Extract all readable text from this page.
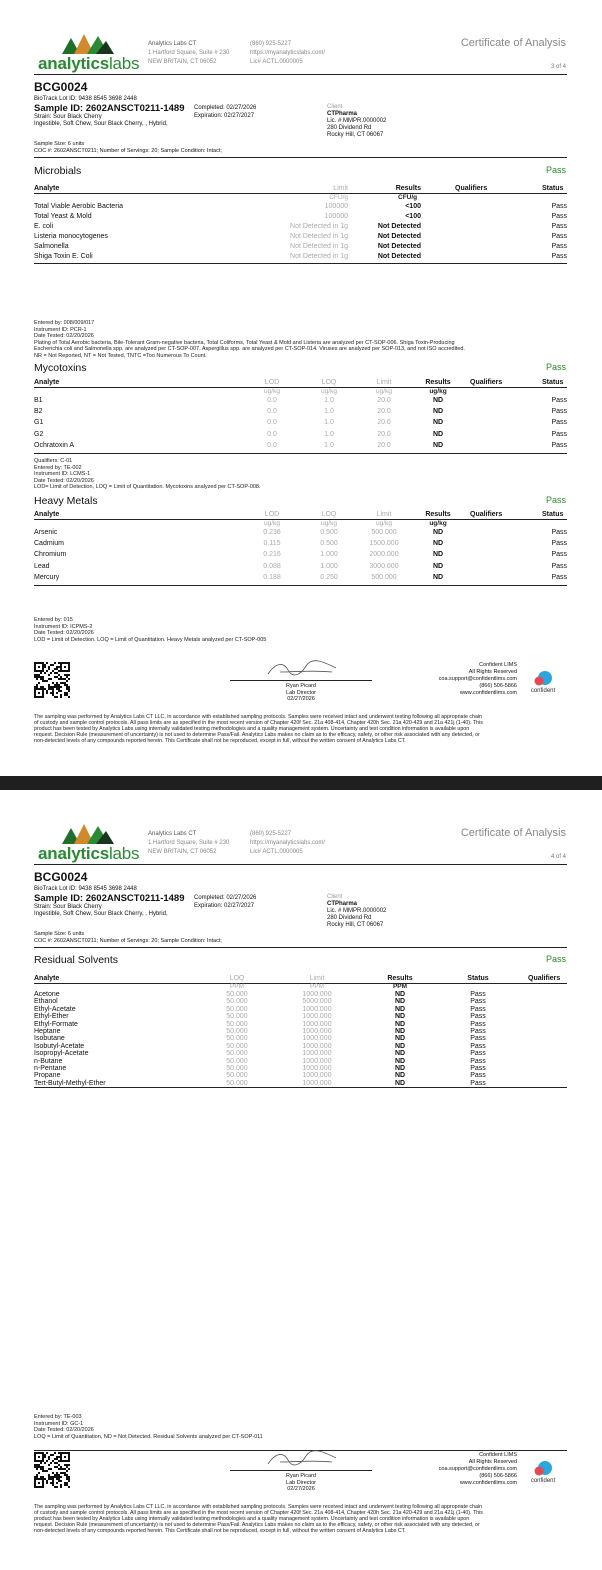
analyticslabs
Analytics Labs CT
1 Hartford Square, Suite # 230
NEW BRITAIN, CT 06052
(860) 925-5227
https://myanalyticslabs.com/
Lic# ACTL.0000005
Certificate of Analysis
3 of 4
BCG0024
BioTrack Lot ID: 9438 8545 3698 2448
Sample ID: 2602ANSCT0211-1489
Strain: Sour Black Cherry
Ingestible, Soft Chew, Sour Black Cherry, , Hybrid,
Completed: 02/27/2026
Expiration: 02/27/2027
Client
CTPharma
Lic. # MMPR.0000002
280 Dividend Rd
Rocky Hill, CT 06067
Sample Size: 6 units
COC #: 2602ANSCT0211; Number of Servings: 20; Sample Condition: Intact;
Microbials	Pass
Analyte	Limit	Results	Qualifiers	Status
CFU/g	CFU/g
Total Viable Aerobic Bacteria	100000	<100	Pass
Total Yeast & Mold	100000	<100	Pass
E. coli	Not Detected in 1g	Not Detected	Pass
Listeria monocytogenes	Not Detected in 1g	Not Detected	Pass
Salmonella	Not Detected in 1g	Not Detected	Pass
Shiga Toxin E. Coli	Not Detected in 1g	Not Detected	Pass
Entered by: 008/009/017
Instrument ID: PCR-1
Date Tested: 02/20/2026
Plating of Total Aerobic bacteria, Bile-Tolerant Gram-negative bacteria, Total Coliforms, Total Yeast & Mold and Listeria are analyzed per CT-SOP-006. Shiga Toxin-Producing
Escherichia coli and Salmonella spp. are analyzed per CT-SOP-007. Aspergillus spp. are analyzed per CT-SOP-014. Viruses are analyzed per SOP-013, and not ISO accredited.
NR = Not Reported, NT = Not Tested, TNTC =Too Numerous To Count.
Mycotoxins	Pass
Analyte	LOD	LOQ	Limit	Results	Qualifiers	Status
ug/kg	ug/kg	ug/kg	ug/kg
B1	0.0	1.0	20.0	ND	Pass
B2	0.0	1.0	20.0	ND	Pass
G1	0.0	1.0	20.0	ND	Pass
G2	0.0	1.0	20.0	ND	Pass
Ochratoxin A	0.0	1.0	20.0	ND	Pass
Qualifiers: C-01
Entered by: TE-002
Instrument ID: LCMS-1
Date Tested: 02/20/2026
LOD= Limit of Detection, LOQ = Limit of Quantitation. Mycotoxins analyzed per CT-SOP-008.
Heavy Metals	Pass
Analyte	LOD	LOQ	Limit	Results	Qualifiers	Status
ug/kg	ug/kg	ug/kg	ug/kg
Arsenic	0.236	0.500	500.000	ND	Pass
Cadmium	0.115	0.500	1500.000	ND	Pass
Chromium	0.216	1.000	2000.000	ND	Pass
Lead	0.088	1.000	3000.000	ND	Pass
Mercury	0.188	0.250	500.000	ND	Pass
Entered by: 015
Instrument ID: ICPMS-2
Date Tested: 02/20/2026
LOD = Limit of Detection. LOQ = Limit of Quantitation. Heavy Metals analyzed per CT-SOP-005
Ryan Picard
Lab Director
02/27/2026
Confident LIMS
All Rights Reserved
coa.support@confidentlims.com
(866) 506-5866
www.confidentlims.com	confident
The sampling was performed by Analytics Labs CT LLC, in accordance with established sampling protocols. Samples were received intact and underwent testing following all appropriate chain
of custody and sample control protocols. All pass limits are as specified in the most recent version of Chapter 420f Sec. 21a 408-414, Chapter 420h Sec. 21a 420-429 and 21a 421j (1-40). This
product has been tested by Analytics Labs using internally validated testing methodologies and a quality management system. Uncertainty and test condition information is available upon
request. Decision Rule (measurement of uncertainty) is not used to determine Pass/Fail. Analytics Labs makes no claim as to the efficacy, safety, or other risk associated with any detected, or
non-detected levels of any compounds reported herein. This Certificate shall not be reproduced, except in full, without the written consent of Analytics Labs CT.
analyticslabs
Analytics Labs CT
1 Hartford Square, Suite # 230
NEW BRITAIN, CT 06052
(860) 925-5227
https://myanalyticslabs.com/
Lic# ACTL.0000005
Certificate of Analysis
4 of 4
BCG0024
BioTrack Lot ID: 9438 8545 3698 2448
Sample ID: 2602ANSCT0211-1489
Strain: Sour Black Cherry
Ingestible, Soft Chew, Sour Black Cherry, , Hybrid,
Completed: 02/27/2026
Expiration: 02/27/2027
Client
CTPharma
Lic. # MMPR.0000002
280 Dividend Rd
Rocky Hill, CT 06067
Sample Size: 6 units
COC #: 2602ANSCT0211; Number of Servings: 20; Sample Condition: Intact;
Residual Solvents	Pass
Analyte	LOQ	Limit	Results	Status	Qualifiers
PPM	PPM	PPM
Acetone	50.000	1000.000	ND	Pass
Ethanol	50.000	5000.000	ND	Pass
Ethyl-Acetate	50.000	1000.000	ND	Pass
Ethyl-Ether	50.000	1000.000	ND	Pass
Ethyl-Formate	50.000	1000.000	ND	Pass
Heptane	50.000	1000.000	ND	Pass
Isobutane	50.000	1000.000	ND	Pass
Isobutyl-Acetate	50.000	1000.000	ND	Pass
Isopropyl-Acetate	50.000	1000.000	ND	Pass
n-Butane	50.000	1000.000	ND	Pass
n-Pentane	50.000	1000.000	ND	Pass
Propane	50.000	1000.000	ND	Pass
Tert-Butyl-Methyl-Ether	50.000	1000.000	ND	Pass
Entered by: TE-003
Instrument ID: GC-1
Date Tested: 02/20/2026
LOQ = Limit of Quantitation, ND = Not Detected. Residual Solvents analyzed per CT-SOP-011
Ryan Picard
Lab Director
02/27/2026
Confident LIMS
All Rights Reserved
coa.support@confidentlims.com
(866) 506-5866
www.confidentlims.com	confident
The sampling was performed by Analytics Labs CT LLC, in accordance with established sampling protocols. Samples were received intact and underwent testing following all appropriate chain
of custody and sample control protocols. All pass limits are as specified in the most recent version of Chapter 420f Sec. 21a 408-414, Chapter 420h Sec. 21a 420-429 and 21a 421j (1-40). This
product has been tested by Analytics Labs using internally validated testing methodologies and a quality management system. Uncertainty and test condition information is available upon
request. Decision Rule (measurement of uncertainty) is not used to determine Pass/Fail. Analytics Labs makes no claim as to the efficacy, safety, or other risk associated with any detected, or
non-detected levels of any compounds reported herein. This Certificate shall not be reproduced, except in full, without the written consent of Analytics Labs CT.
